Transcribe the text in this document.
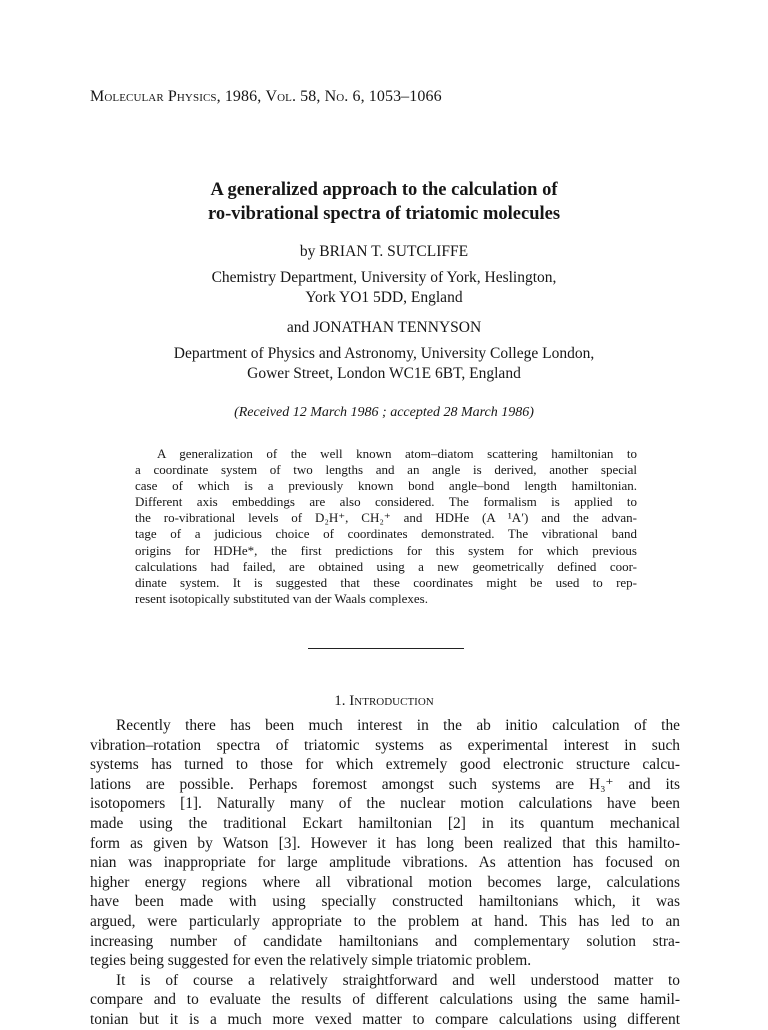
Molecular Physics, 1986, Vol. 58, No. 6, 1053–1066
A generalized approach to the calculation of
ro-vibrational spectra of triatomic molecules
by BRIAN T. SUTCLIFFE
Chemistry Department, University of York, Heslington,
York YO1 5DD, England
and JONATHAN TENNYSON
Department of Physics and Astronomy, University College London,
Gower Street, London WC1E 6BT, England
(Received 12 March 1986 ; accepted 28 March 1986)
A generalization of the well known atom–diatom scattering hamiltonian to
a coordinate system of two lengths and an angle is derived, another special
case of which is a previously known bond angle–bond length hamiltonian.
Different axis embeddings are also considered. The formalism is applied to
the ro-vibrational levels of D₂H⁺, CH₂⁺ and HDHe (A ¹A′) and the advan-
tage of a judicious choice of coordinates demonstrated. The vibrational band
origins for HDHe*, the first predictions for this system for which previous
calculations had failed, are obtained using a new geometrically defined coor-
dinate system. It is suggested that these coordinates might be used to rep-
resent isotopically substituted van der Waals complexes.
1. Introduction
Recently there has been much interest in the ab initio calculation of the
vibration–rotation spectra of triatomic systems as experimental interest in such
systems has turned to those for which extremely good electronic structure calcu-
lations are possible. Perhaps foremost amongst such systems are H₃⁺ and its
isotopomers [1]. Naturally many of the nuclear motion calculations have been
made using the traditional Eckart hamiltonian [2] in its quantum mechanical
form as given by Watson [3]. However it has long been realized that this hamilto-
nian was inappropriate for large amplitude vibrations. As attention has focused on
higher energy regions where all vibrational motion becomes large, calculations
have been made with using specially constructed hamiltonians which, it was
argued, were particularly appropriate to the problem at hand. This has led to an
increasing number of candidate hamiltonians and complementary solution stra-
tegies being suggested for even the relatively simple triatomic problem.
It is of course a relatively straightforward and well understood matter to
compare and to evaluate the results of different calculations using the same hamil-
tonian but it is a much more vexed matter to compare calculations using different
